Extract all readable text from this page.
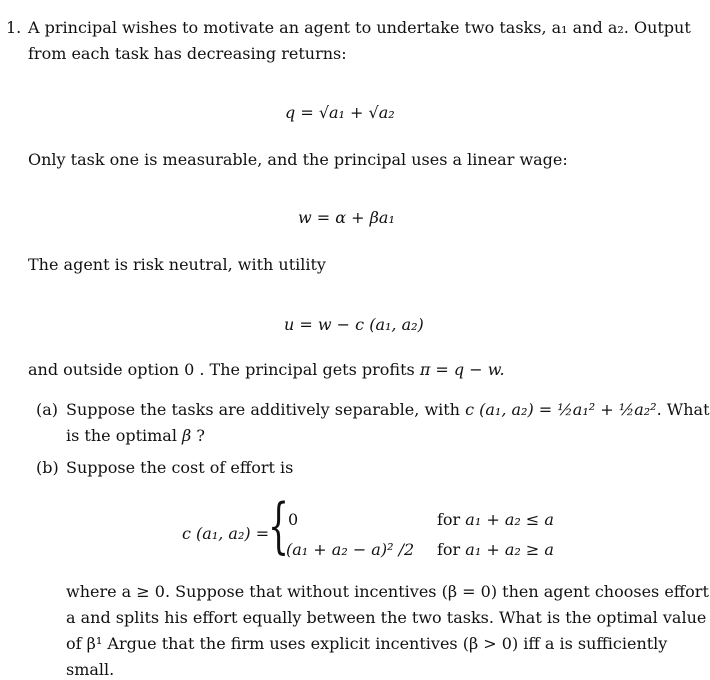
1. A principal wishes to motivate an agent to undertake two tasks, a₁ and a₂. Output
from each task has decreasing returns:
q = √a₁ + √a₂
Only task one is measurable, and the principal uses a linear wage:
w = α + βa₁
The agent is risk neutral, with utility
u = w − c (a₁, a₂)
and outside option 0 . The principal gets profits π = q − w.
(a) Suppose the tasks are additively separable, with c (a₁, a₂) = ½a₁² + ½a₂². What
is the optimal β ?
(b) Suppose the cost of effort is
c (a₁, a₂) =
{
0	for a₁ + a₂ ≤ a
(a₁ + a₂ − a)² /2 for a₁ + a₂ ≥ a
where a ≥ 0. Suppose that without incentives (β = 0) then agent chooses effort
a and splits his effort equally between the two tasks. What is the optimal value
of β¹ Argue that the firm uses explicit incentives (β > 0) iff a is sufficiently
small.
